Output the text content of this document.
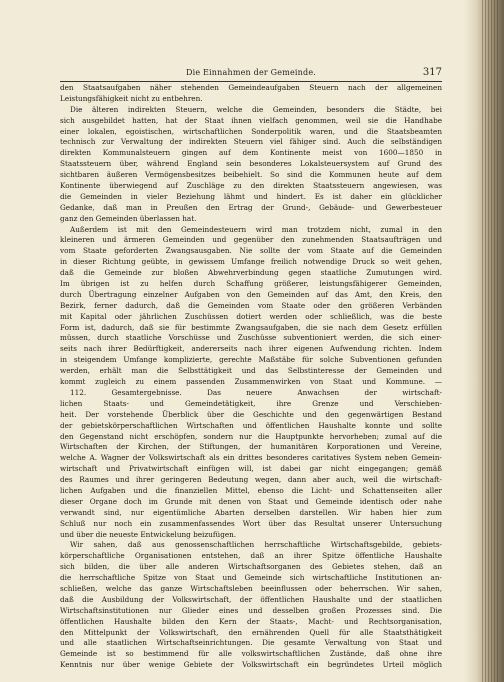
Die Einnahmen der Gemeinde.	317
den Staatsaufgaben näher stehenden Gemeindeaufgaben Steuern nach der allgemeinen
Leistungsfähigkeit nicht zu entbehren.
Die älteren indirekten Steuern, welche die Gemeinden, besonders die Städte, bei
sich ausgebildet hatten, hat der Staat ihnen vielfach genommen, weil sie die Handhabe
einer lokalen, egoistischen, wirtschaftlichen Sonderpolitik waren, und die Staatsbeamten
technisch zur Verwaltung der indirekten Steuern viel fähiger sind. Auch die selbständigen
direkten Kommunalsteuern gingen auf dem Kontinente meist von 1600—1850 in
Staatssteuern über, während England sein besonderes Lokalsteuersystem auf Grund des
sichtbaren äußeren Vermögensbesitzes beibehielt. So sind die Kommunen heute auf dem
Kontinente überwiegend auf Zuschläge zu den direkten Staatssteuern angewiesen, was
die Gemeinden in vieler Beziehung lähmt und hindert. Es ist daher ein glücklicher
Gedanke, daß man in Preußen den Ertrag der Grund-, Gebäude- und Gewerbesteuer
ganz den Gemeinden überlassen hat.
Außerdem ist mit den Gemeindesteuern wird man trotzdem nicht, zumal in den
kleineren und ärmeren Gemeinden und gegenüber den zunehmenden Staatsaufträgen und
vom Staate geforderten Zwangsausgaben. Nie sollte der vom Staate auf die Gemeinden
in dieser Richtung geübte, in gewissem Umfange freilich notwendige Druck so weit gehen,
daß die Gemeinde zur bloßen Abwehrverbindung gegen staatliche Zumutungen wird.
Im übrigen ist zu helfen durch Schaffung größerer, leistungsfähigerer Gemeinden,
durch Übertragung einzelner Aufgaben von den Gemeinden auf das Amt, den Kreis, den
Bezirk, ferner dadurch, daß die Gemeinden vom Staate oder den größeren Verbänden
mit Kapital oder jährlichen Zuschüssen dotiert werden oder schließlich, was die beste
Form ist, dadurch, daß sie für bestimmte Zwangsaufgaben, die sie nach dem Gesetz erfüllen
müssen, durch staatliche Vorschüsse und Zuschüsse subventioniert werden, die sich einer-
seits nach ihrer Bedürftigkeit, andererseits nach ihrer eigenen Aufwendung richten. Indem
in steigendem Umfange komplizierte, gerechte Maßstäbe für solche Subventionen gefunden
werden, erhält man die Selbsttätigkeit und das Selbstinteresse der Gemeinden und
kommt zugleich zu einem passenden Zusammenwirken von Staat und Kommune. —
112. Gesamtergebnisse. Das neuere Anwachsen der wirtschaft-
lichen Staats- und Gemeindetätigkeit, ihre Grenze und Verschieben-
heit. Der vorstehende Überblick über die Geschichte und den gegenwärtigen Bestand
der gebietskörperschaftlichen Wirtschaften und öffentlichen Haushalte konnte und sollte
den Gegenstand nicht erschöpfen, sondern nur die Hauptpunkte hervorheben; zumal auf die
Wirtschaften der Kirchen, der Stiftungen, der humanitären Korporationen und Vereine,
welche A. Wagner der Volkswirtschaft als ein drittes besonderes caritatives System neben Gemein-
wirtschaft und Privatwirtschaft einfügen will, ist dabei gar nicht eingegangen; gemäß
des Raumes und ihrer geringeren Bedeutung wegen, dann aber auch, weil die wirtschaft-
lichen Aufgaben und die finanziellen Mittel, ebenso die Licht- und Schattenseiten aller
dieser Organe doch im Grunde mit denen von Staat und Gemeinde identisch oder nahe
verwandt sind, nur eigentümliche Abarten derselben darstellen. Wir haben hier zum
Schluß nur noch ein zusammenfassendes Wort über das Resultat unserer Untersuchung
und über die neueste Entwickelung beizufügen.
Wir sahen, daß aus genossenschaftlichen herrschaftliche Wirtschaftsgebilde, gebiets-
körperschaftliche Organisationen entstehen, daß an ihrer Spitze öffentliche Haushalte
sich bilden, die über alle anderen Wirtschaftsorganen des Gebietes stehen, daß an
die herrschaftliche Spitze von Staat und Gemeinde sich wirtschaftliche Institutionen an-
schließen, welche das ganze Wirtschaftsleben beeinflussen oder beherrschen. Wir sahen,
daß die Ausbildung der Volkswirtschaft, der öffentlichen Haushalte und der staatlichen
Wirtschaftsinstitutionen nur Glieder eines und desselben großen Prozesses sind. Die
öffentlichen Haushalte bilden den Kern der Staats-, Macht- und Rechtsorganisation,
den Mittelpunkt der Volkswirtschaft, den ernährenden Quell für alle Staatsthätigkeit
und alle staatlichen Wirtschaftseinrichtungen. Die gesamte Verwaltung von Staat und
Gemeinde ist so bestimmend für alle volkswirtschaftlichen Zustände, daß ohne ihre
Kenntnis nur über wenige Gebiete der Volkswirtschaft ein begründetes Urteil möglich
